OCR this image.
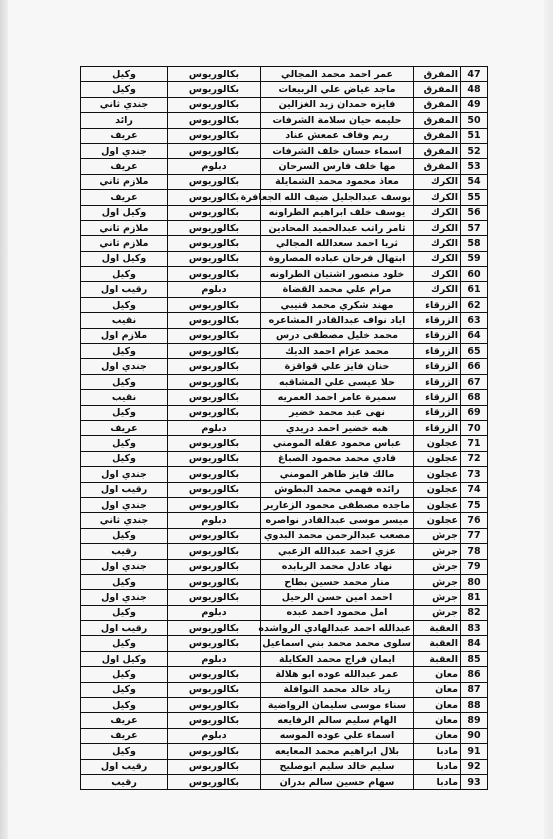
47	المفرق	عمر احمد محمد المجالي	بكالوريوس	وكيل
48	المفرق	ماجد غياض علي الربيعات	بكالوريوس	وكيل
49	المفرق	فايزه حمدان زيد الغزالين	بكالوريوس	جندي ثاني
50	المفرق	حليمه حيان سلامة الشرفات	بكالوريوس	رائد
51	المفرق	ريم وفاف عمعش عناد	بكالوريوس	عريف
52	المفرق	اسماء حسان خلف الشرفات	بكالوريوس	جندي اول
53	المفرق	مها خلف فارس السرحان	دبلوم	عريف
54	الكرك	معاذ محمود محمد الشمايلة	بكالوريوس	ملازم ثاني
55	الكرك	يوسف عبدالجليل ضيف الله الجعافرة	بكالوريوس	عريف
56	الكرك	يوسف خلف ابراهيم الطراونه	بكالوريوس	وكيل اول
57	الكرك	ثامر راتب عبدالحميد المحادين	بكالوريوس	ملازم ثاني
58	الكرك	ثريا احمد سعدالله المجالي	بكالوريوس	ملازم ثاني
59	الكرك	ابتهال فرحان عباده المصاروة	بكالوريوس	وكيل اول
60	الكرك	خلود منصور اشتيان الطراونه	بكالوريوس	وكيل
61	الكرك	مرام علي محمد القضاة	دبلوم	رقيب اول
62	الزرقاء	مهند شكري محمد قنيبي	بكالوريوس	وكيل
63	الزرقاء	اياد نواف عبدالقادر المشاعره	بكالوريوس	نقيب
64	الزرقاء	محمد خليل مصطفى درس	بكالوريوس	ملازم اول
65	الزرقاء	محمد عزام احمد الديك	بكالوريوس	وكيل
66	الزرقاء	حنان فايز علي قواقزة	بكالوريوس	جندي اول
67	الزرقاء	حلا عيسى علي المشاقبه	بكالوريوس	وكيل
68	الزرقاء	سميرة عامر احمد العمريه	بكالوريوس	نقيب
69	الزرقاء	نهى عبد محمد خضير	بكالوريوس	وكيل
70	الزرقاء	هبه خضير احمد دريدي	دبلوم	عريف
71	عجلون	عباس محمود عقله المومني	بكالوريوس	وكيل
72	عجلون	فادي محمد محمود الصباغ	بكالوريوس	وكيل
73	عجلون	مالك فايز طاهر المومني	بكالوريوس	جندي اول
74	عجلون	رائده فهمي محمد البطوش	بكالوريوس	رقيب اول
75	عجلون	ماجده مصطفى محمود الزعارير	بكالوريوس	جندي اول
76	عجلون	ميسر موسى عبدالقادر نواصره	دبلوم	جندي ثاني
77	جرش	مصعب عبدالرحمن محمد البدوي	بكالوريوس	وكيل
78	جرش	عزي احمد عبدالله الزعبي	بكالوريوس	رقيب
79	جرش	نهاد عادل محمد الربابده	بكالوريوس	جندي اول
80	جرش	منار محمد حسين بطاح	بكالوريوس	وكيل
81	جرش	احمد امين حسن الرحيل	بكالوريوس	جندي اول
82	جرش	امل محمود احمد عبده	دبلوم	وكيل
83	العقبة	عبدالله احمد عبدالهادي الرواشده	بكالوريوس	رقيب اول
84	العقبة	سلوى محمد محمد بني اسماعيل	بكالوريوس	وكيل
85	العقبة	ايمان فراج محمد العكايلة	دبلوم	وكيل اول
86	معان	عمر عبدالله عوده ابو هلالة	بكالوريوس	وكيل
87	معان	زياد خالد محمد النوافلة	بكالوريوس	وكيل
88	معان	سناء موسى سليمان الرواضية	بكالوريوس	وكيل
89	معان	الهام سليم سالم الرفايعه	بكالوريوس	عريف
90	معان	اسماء علي عوده الموسه	دبلوم	عريف
91	مادبا	بلال ابراهيم محمد المعايعه	بكالوريوس	وكيل
92	مادبا	سليم خالد سليم ابوصليح	بكالوريوس	رقيب اول
93	مادبا	سهام حسين سالم بدران	بكالوريوس	رقيب
